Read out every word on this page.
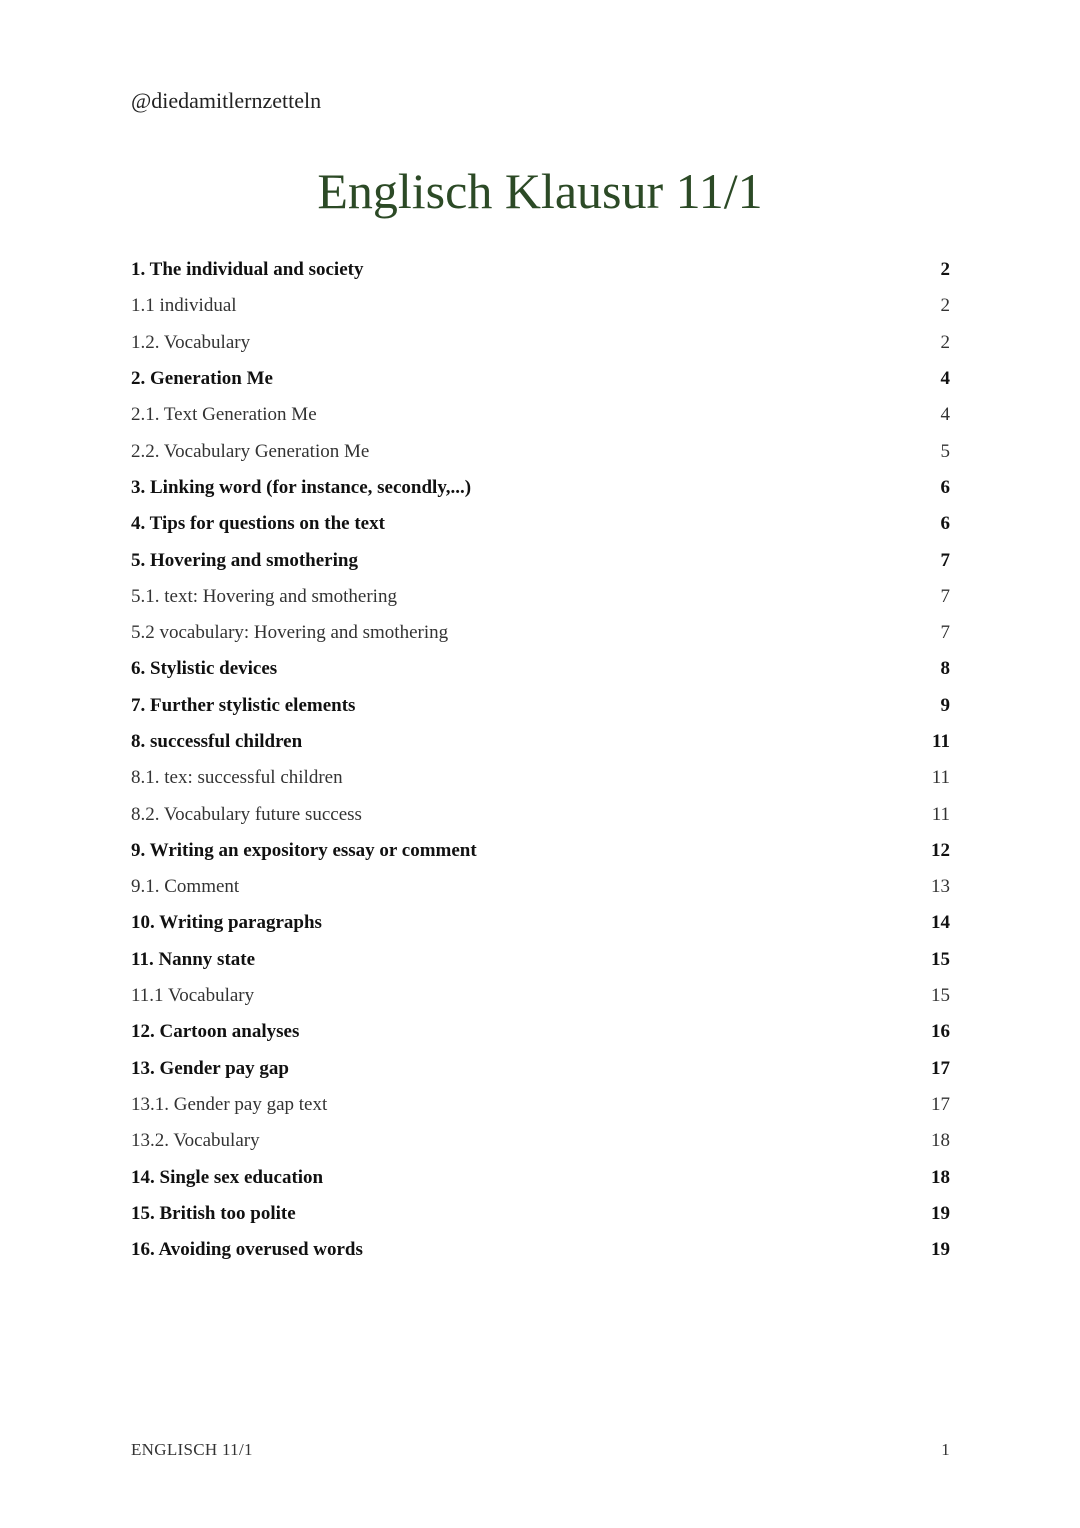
@diedamitlernzetteln
Englisch Klausur 11/1
1. The individual and society	2
1.1 individual	2
1.2. Vocabulary	2
2. Generation Me	4
2.1. Text Generation Me	4
2.2. Vocabulary Generation Me	5
3. Linking word (for instance, secondly,...)	6
4. Tips for questions on the text	6
5. Hovering and smothering	7
5.1. text: Hovering and smothering	7
5.2 vocabulary: Hovering and smothering	7
6. Stylistic devices	8
7. Further stylistic elements	9
8. successful children	11
8.1. tex: successful children	11
8.2. Vocabulary future success	11
9. Writing an expository essay or comment	12
9.1. Comment	13
10. Writing paragraphs	14
11. Nanny state	15
11.1 Vocabulary	15
12. Cartoon analyses	16
13. Gender pay gap	17
13.1. Gender pay gap text	17
13.2. Vocabulary	18
14. Single sex education	18
15. British too polite	19
16. Avoiding overused words	19
ENGLISCH 11/1	1
